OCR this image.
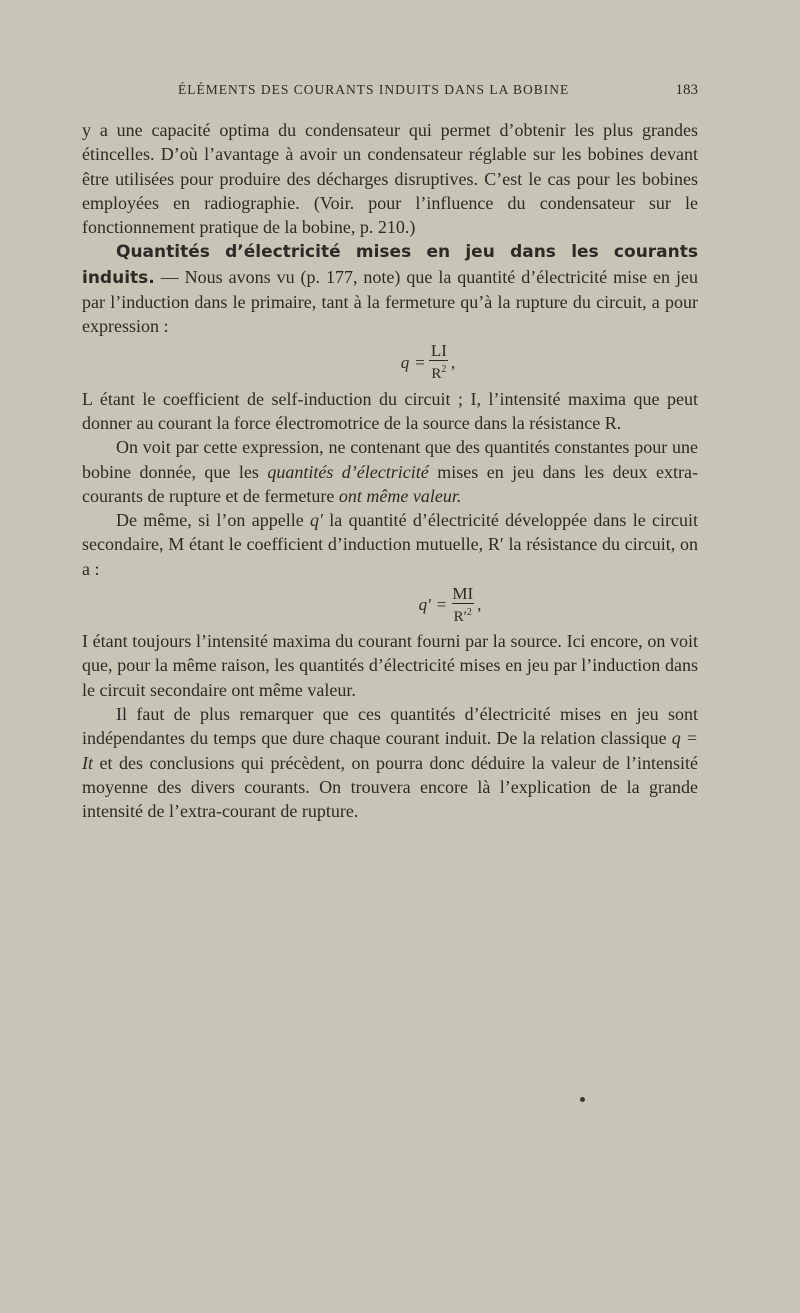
ÉLÉMENTS DES COURANTS INDUITS DANS LA BOBINE	183

y a une capacité optima du condensateur qui permet d’obtenir les plus grandes étincelles. D’où l’avantage à avoir un condensateur réglable sur les bobines devant être utilisées pour produire des décharges disruptives. C’est le cas pour les bobines employées en radiographie. (Voir. pour l’influence du condensateur sur le fonctionnement pratique de la bobine, p. 210.)

Quantités d’électricité mises en jeu dans les courants induits. — Nous avons vu (p. 177, note) que la quantité d’électricité mise en jeu par l’induction dans le primaire, tant à la fermeture qu’à la rupture du circuit, a pour expression :

$q = \frac{LI}{R^2}$ ,

L étant le coefficient de self-induction du circuit ; I, l’intensité maxima que peut donner au courant la force électromotrice de la source dans la résistance R.

On voit par cette expression, ne contenant que des quantités constantes pour une bobine donnée, que les quantités d’électricité mises en jeu dans les deux extra-courants de rupture et de fermeture ont même valeur.

De même, si l’on appelle q′ la quantité d’électricité développée dans le circuit secondaire, M étant le coefficient d’induction mutuelle, R′ la résistance du circuit, on a :

$q' = \frac{MI}{R'^2}$ ,

I étant toujours l’intensité maxima du courant fourni par la source. Ici encore, on voit que, pour la même raison, les quantités d’électricité mises en jeu par l’induction dans le circuit secondaire ont même valeur.

Il faut de plus remarquer que ces quantités d’électricité mises en jeu sont indépendantes du temps que dure chaque courant induit. De la relation classique q = It et des conclusions qui précèdent, on pourra donc déduire la valeur de l’intensité moyenne des divers courants. On trouvera encore là l’explication de la grande intensité de l’extra-courant de rupture.
